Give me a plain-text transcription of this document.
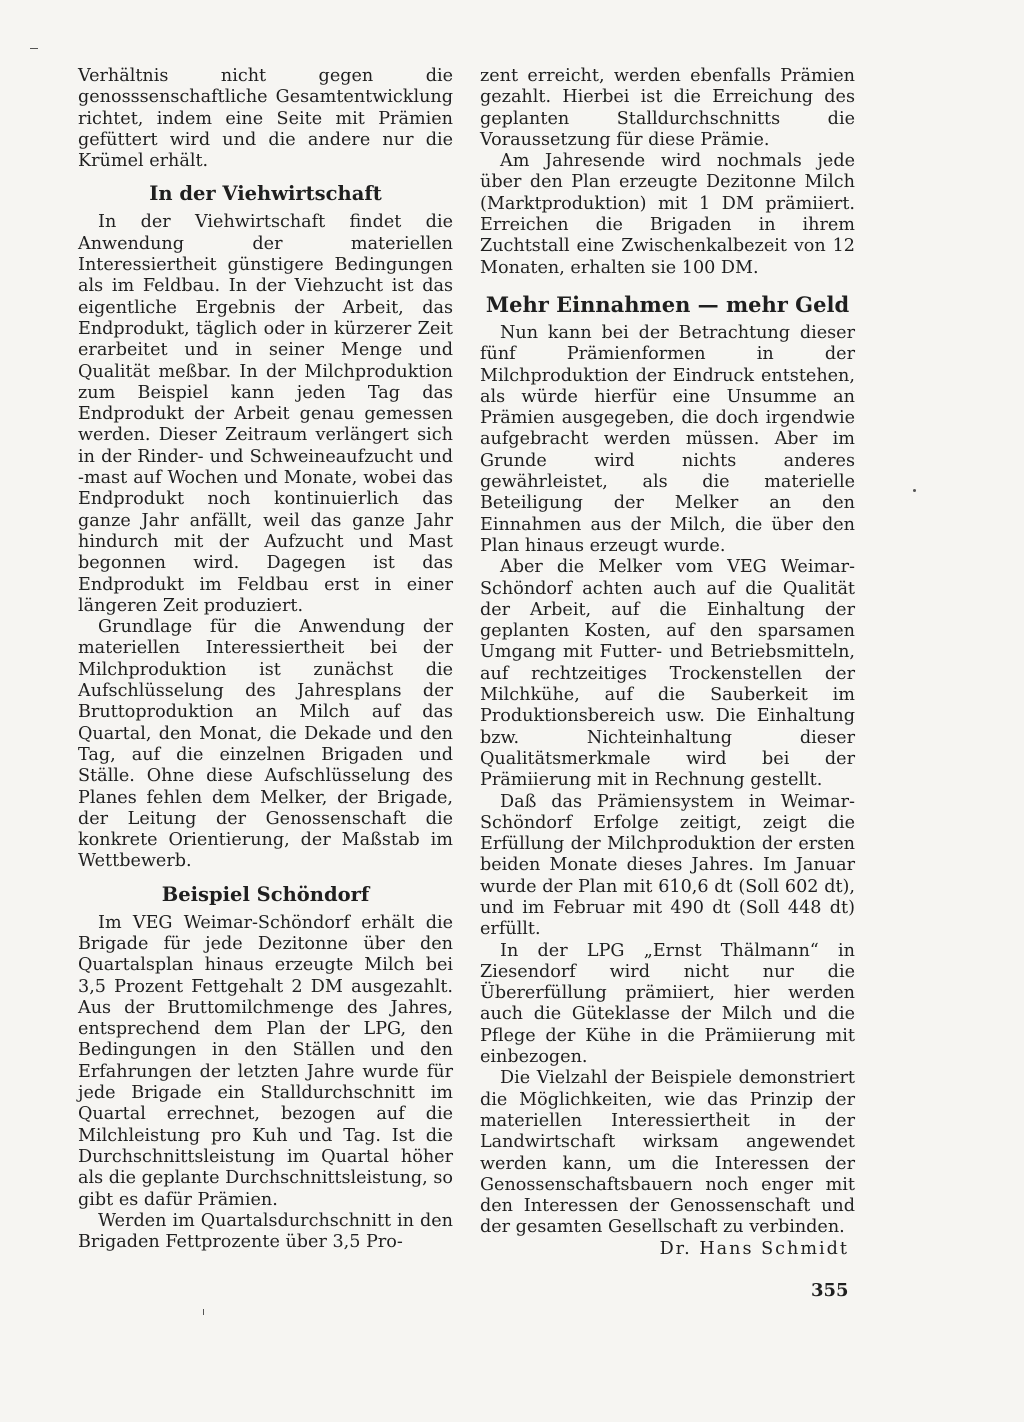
Verhältnis nicht gegen die genosssenschaftliche Gesamtentwicklung richtet, indem eine Seite mit Prämien gefüttert wird und die andere nur die Krümel erhält.

In der Viehwirtschaft

In der Viehwirtschaft findet die Anwendung der materiellen Interessiertheit günstigere Bedingungen als im Feldbau. In der Viehzucht ist das eigentliche Ergebnis der Arbeit, das Endprodukt, täglich oder in kürzerer Zeit erarbeitet und in seiner Menge und Qualität meßbar. In der Milchproduktion zum Beispiel kann jeden Tag das Endprodukt der Arbeit genau gemessen werden. Dieser Zeitraum verlängert sich in der Rinder- und Schweineaufzucht und -mast auf Wochen und Monate, wobei das Endprodukt noch kontinuierlich das ganze Jahr anfällt, weil das ganze Jahr hindurch mit der Aufzucht und Mast begonnen wird. Dagegen ist das Endprodukt im Feldbau erst in einer längeren Zeit produziert.

Grundlage für die Anwendung der materiellen Interessiertheit bei der Milchproduktion ist zunächst die Aufschlüsselung des Jahresplans der Bruttoproduktion an Milch auf das Quartal, den Monat, die Dekade und den Tag, auf die einzelnen Brigaden und Ställe. Ohne diese Aufschlüsselung des Planes fehlen dem Melker, der Brigade, der Leitung der Genossenschaft die konkrete Orientierung, der Maßstab im Wettbewerb.

Beispiel Schöndorf

Im VEG Weimar-Schöndorf erhält die Brigade für jede Dezitonne über den Quartalsplan hinaus erzeugte Milch bei 3,5 Prozent Fettgehalt 2 DM ausgezahlt. Aus der Bruttomilchmenge des Jahres, entsprechend dem Plan der LPG, den Bedingungen in den Ställen und den Erfahrungen der letzten Jahre wurde für jede Brigade ein Stalldurchschnitt im Quartal errechnet, bezogen auf die Milchleistung pro Kuh und Tag. Ist die Durchschnittsleistung im Quartal höher als die geplante Durchschnittsleistung, so gibt es dafür Prämien.

Werden im Quartalsdurchschnitt in den Brigaden Fettprozente über 3,5 Pro-

zent erreicht, werden ebenfalls Prämien gezahlt. Hierbei ist die Erreichung des geplanten Stalldurchschnitts die Voraussetzung für diese Prämie.

Am Jahresende wird nochmals jede über den Plan erzeugte Dezitonne Milch (Marktproduktion) mit 1 DM prämiiert. Erreichen die Brigaden in ihrem Zuchtstall eine Zwischenkalbezeit von 12 Monaten, erhalten sie 100 DM.

Mehr Einnahmen — mehr Geld

Nun kann bei der Betrachtung dieser fünf Prämienformen in der Milchproduktion der Eindruck entstehen, als würde hierfür eine Unsumme an Prämien ausgegeben, die doch irgendwie aufgebracht werden müssen. Aber im Grunde wird nichts anderes gewährleistet, als die materielle Beteiligung der Melker an den Einnahmen aus der Milch, die über den Plan hinaus erzeugt wurde.

Aber die Melker vom VEG Weimar-Schöndorf achten auch auf die Qualität der Arbeit, auf die Einhaltung der geplanten Kosten, auf den sparsamen Umgang mit Futter- und Betriebsmitteln, auf rechtzeitiges Trockenstellen der Milchkühe, auf die Sauberkeit im Produktionsbereich usw. Die Einhaltung bzw. Nichteinhaltung dieser Qualitätsmerkmale wird bei der Prämiierung mit in Rechnung gestellt.

Daß das Prämiensystem in Weimar-Schöndorf Erfolge zeitigt, zeigt die Erfüllung der Milchproduktion der ersten beiden Monate dieses Jahres. Im Januar wurde der Plan mit 610,6 dt (Soll 602 dt), und im Februar mit 490 dt (Soll 448 dt) erfüllt.

In der LPG „Ernst Thälmann“ in Ziesendorf wird nicht nur die Übererfüllung prämiiert, hier werden auch die Güteklasse der Milch und die Pflege der Kühe in die Prämiierung mit einbezogen.

Die Vielzahl der Beispiele demonstriert die Möglichkeiten, wie das Prinzip der materiellen Interessiertheit in der Landwirtschaft wirksam angewendet werden kann, um die Interessen der Genossenschaftsbauern noch enger mit den Interessen der Genossenschaft und der gesamten Gesellschaft zu verbinden.

Dr. Hans Schmidt

355
